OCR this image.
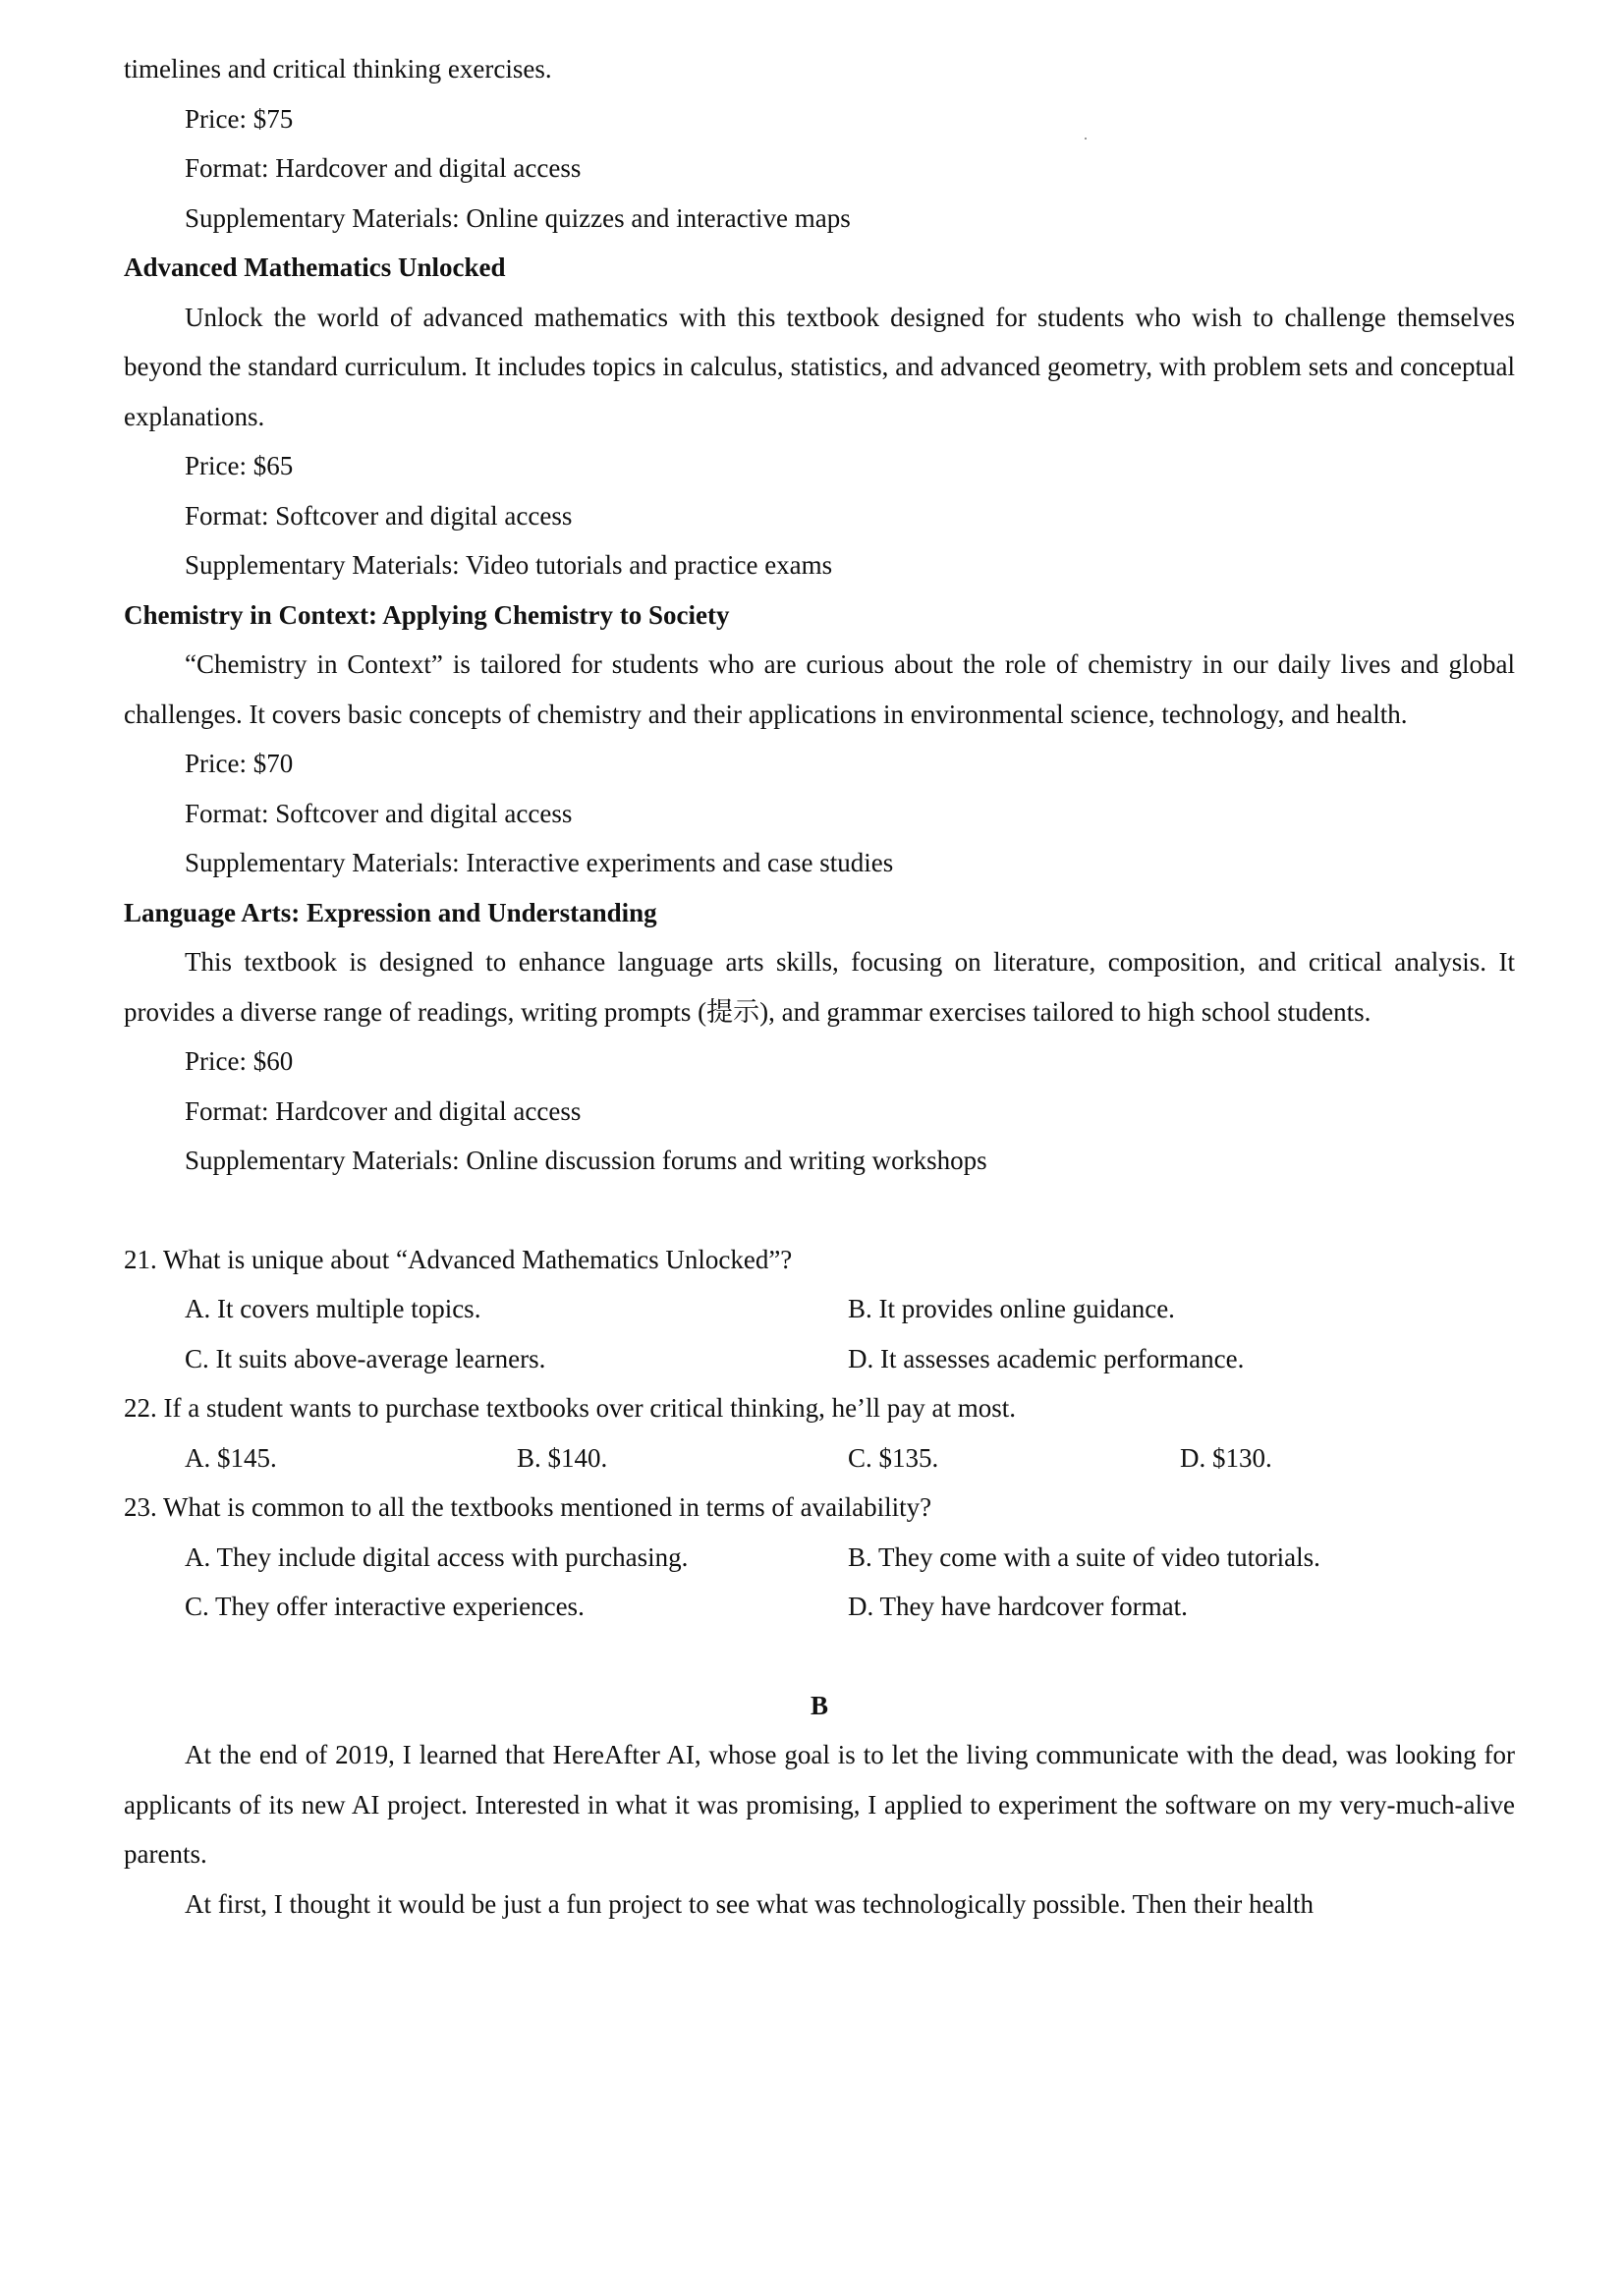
timelines and critical thinking exercises.

Price: $75

Format: Hardcover and digital access

Supplementary Materials: Online quizzes and interactive maps

Advanced Mathematics Unlocked

Unlock the world of advanced mathematics with this textbook designed for students who wish to challenge themselves beyond the standard curriculum. It includes topics in calculus, statistics, and advanced geometry, with problem sets and conceptual explanations.

Price: $65

Format: Softcover and digital access

Supplementary Materials: Video tutorials and practice exams

Chemistry in Context: Applying Chemistry to Society

“Chemistry in Context” is tailored for students who are curious about the role of chemistry in our daily lives and global challenges. It covers basic concepts of chemistry and their applications in environmental science, technology, and health.

Price: $70

Format: Softcover and digital access

Supplementary Materials: Interactive experiments and case studies

Language Arts: Expression and Understanding

This textbook is designed to enhance language arts skills, focusing on literature, composition, and critical analysis. It provides a diverse range of readings, writing prompts (提示), and grammar exercises tailored to high school students.

Price: $60

Format: Hardcover and digital access

Supplementary Materials: Online discussion forums and writing workshops

21. What is unique about “Advanced Mathematics Unlocked”?

A. It covers multiple topics.	B. It provides online guidance.
C. It suits above-average learners.	D. It assesses academic performance.

22. If a student wants to purchase textbooks over critical thinking, he’ll pay at most.

A. $145.	B. $140.	C. $135.	D. $130.

23. What is common to all the textbooks mentioned in terms of availability?

A. They include digital access with purchasing.	B. They come with a suite of video tutorials.
C. They offer interactive experiences.	D. They have hardcover format.

B

At the end of 2019, I learned that HereAfter AI, whose goal is to let the living communicate with the dead, was looking for applicants of its new AI project. Interested in what it was promising, I applied to experiment the software on my very-much-alive parents.

At first, I thought it would be just a fun project to see what was technologically possible. Then their health
